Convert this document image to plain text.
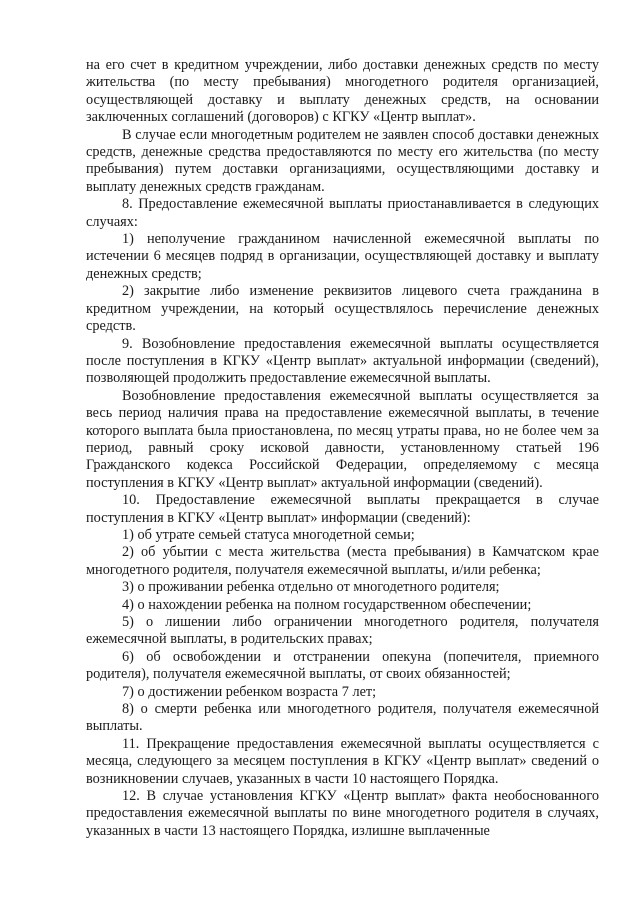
на его счет в кредитном учреждении, либо доставки денежных средств по месту жительства (по месту пребывания) многодетного родителя организацией, осуществляющей доставку и выплату денежных средств, на основании заключенных соглашений (договоров) с КГКУ «Центр выплат».

В случае если многодетным родителем не заявлен способ доставки денежных средств, денежные средства предоставляются по месту его жительства (по месту пребывания) путем доставки организациями, осуществляющими доставку и выплату денежных средств гражданам.

8. Предоставление ежемесячной выплаты приостанавливается в следующих случаях:

1) неполучение гражданином начисленной ежемесячной выплаты по истечении 6 месяцев подряд в организации, осуществляющей доставку и выплату денежных средств;

2) закрытие либо изменение реквизитов лицевого счета гражданина в кредитном учреждении, на который осуществлялось перечисление денежных средств.

9. Возобновление предоставления ежемесячной выплаты осуществляется после поступления в КГКУ «Центр выплат» актуальной информации (сведений), позволяющей продолжить предоставление ежемесячной выплаты.

Возобновление предоставления ежемесячной выплаты осуществляется за весь период наличия права на предоставление ежемесячной выплаты, в течение которого выплата была приостановлена, по месяц утраты права, но не более чем за период, равный сроку исковой давности, установленному статьей 196 Гражданского кодекса Российской Федерации, определяемому с месяца поступления в КГКУ «Центр выплат» актуальной информации (сведений).

10. Предоставление ежемесячной выплаты прекращается в случае поступления в КГКУ «Центр выплат» информации (сведений):

1) об утрате семьей статуса многодетной семьи;

2) об убытии с места жительства (места пребывания) в Камчатском крае многодетного родителя, получателя ежемесячной выплаты, и/или ребенка;

3) о проживании ребенка отдельно от многодетного родителя;

4) о нахождении ребенка на полном государственном обеспечении;

5) о лишении либо ограничении многодетного родителя, получателя ежемесячной выплаты, в родительских правах;

6) об освобождении и отстранении опекуна (попечителя, приемного родителя), получателя ежемесячной выплаты, от своих обязанностей;

7) о достижении ребенком возраста 7 лет;

8) о смерти ребенка или многодетного родителя, получателя ежемесячной выплаты.

11. Прекращение предоставления ежемесячной выплаты осуществляется с месяца, следующего за месяцем поступления в КГКУ «Центр выплат» сведений о возникновении случаев, указанных в части 10 настоящего Порядка.

12. В случае установления КГКУ «Центр выплат» факта необоснованного предоставления ежемесячной выплаты по вине многодетного родителя в случаях, указанных в части 13 настоящего Порядка, излишне выплаченные
